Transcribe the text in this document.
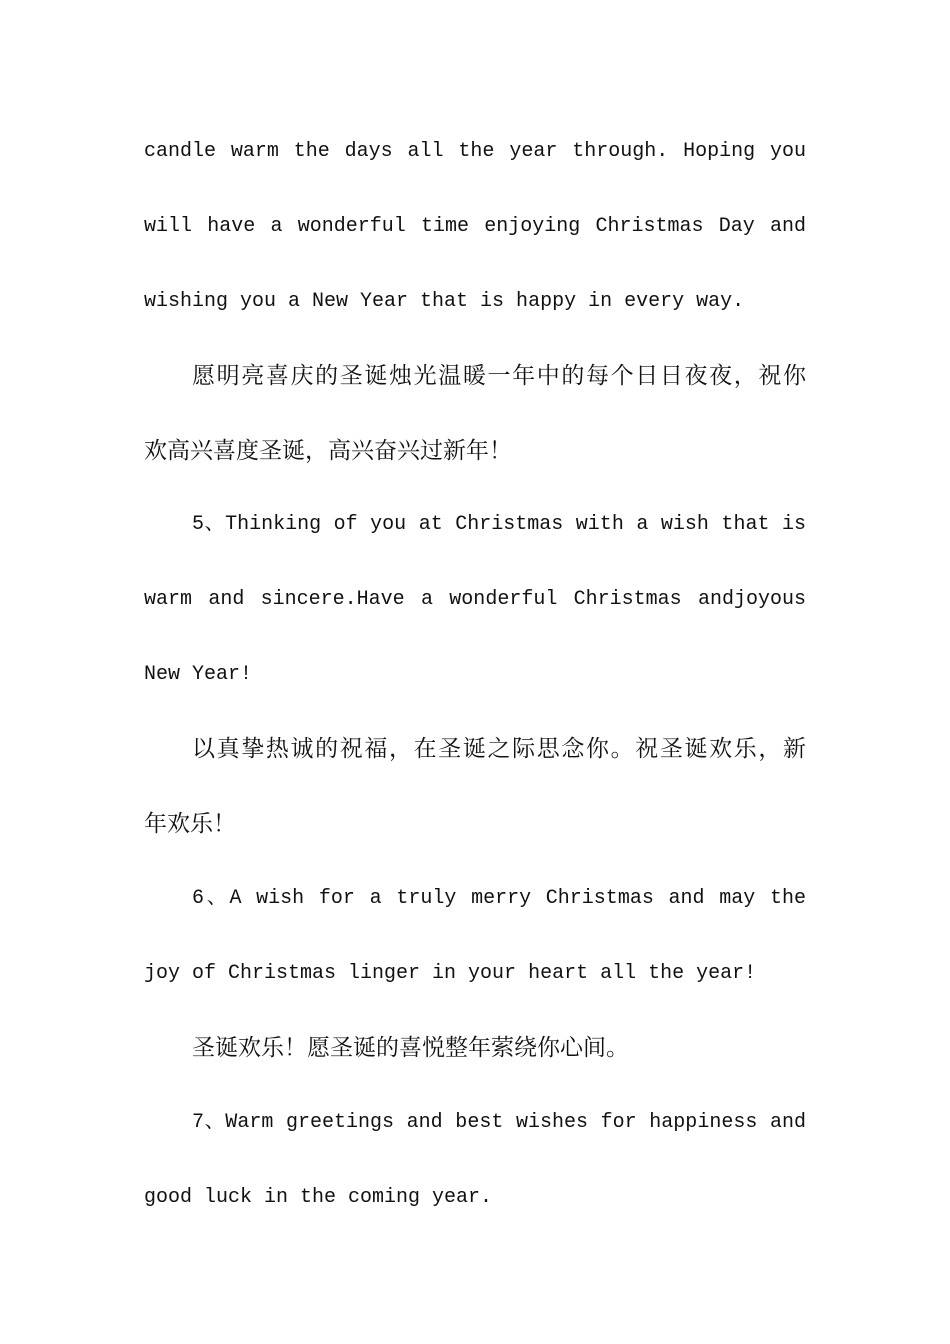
candle warm the days all the year through. Hoping you
will have a wonderful time enjoying Christmas Day and
wishing you a New Year that is happy in every way.
愿明亮喜庆的圣诞烛光温暖一年中的每个日日夜夜，祝你
欢高兴喜度圣诞，高兴奋兴过新年！
5、Thinking of you at Christmas with a wish that is
warm and sincere.Have a wonderful Christmas andjoyous
New Year!
以真挚热诚的祝福，在圣诞之际思念你。祝圣诞欢乐，新
年欢乐！
6、A wish for a truly merry Christmas and may the
joy of Christmas linger in your heart all the year!
圣诞欢乐！愿圣诞的喜悦整年萦绕你心间。
7、Warm greetings and best wishes for happiness and
good luck in the coming year.
